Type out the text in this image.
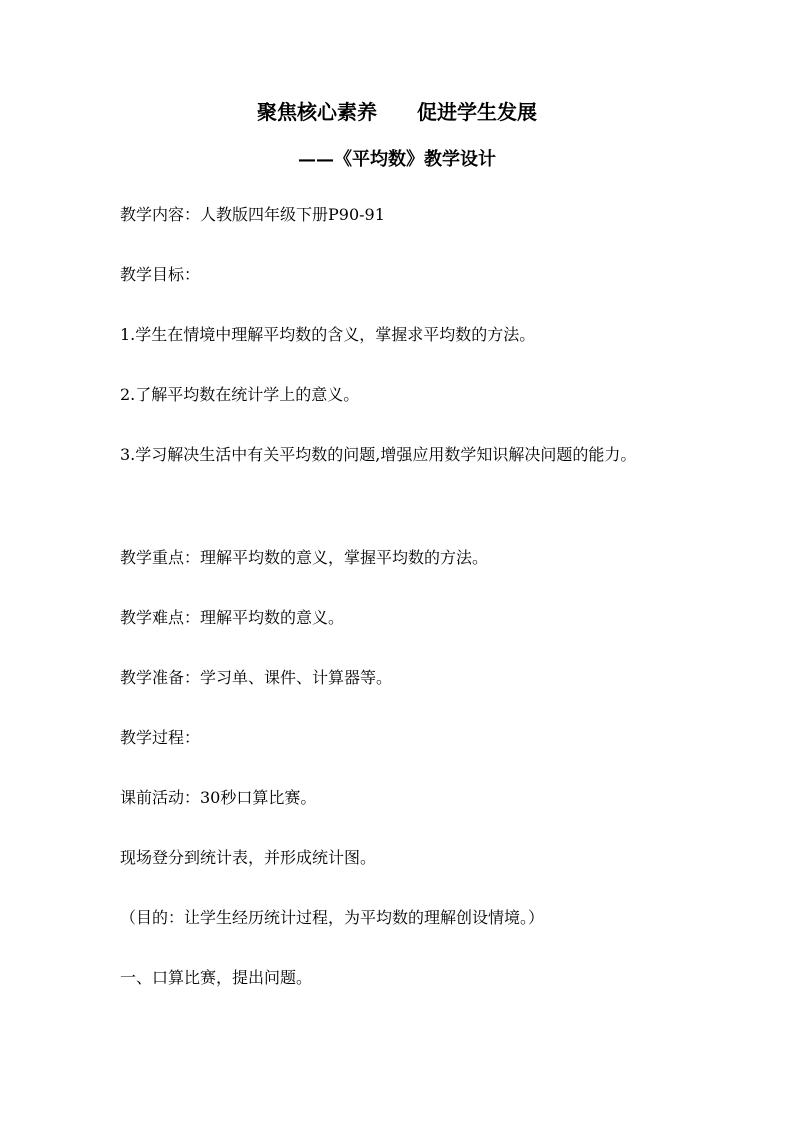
聚焦核心素养　　促进学生发展
——《平均数》教学设计
教学内容：人教版四年级下册P90-91
教学目标：
1.学生在情境中理解平均数的含义，掌握求平均数的方法。
2.了解平均数在统计学上的意义。
3.学习解决生活中有关平均数的问题,增强应用数学知识解决问题的能力。
教学重点：理解平均数的意义，掌握平均数的方法。
教学难点：理解平均数的意义。
教学准备：学习单、课件、计算器等。
教学过程：
课前活动：30秒口算比赛。
现场登分到统计表，并形成统计图。
（目的：让学生经历统计过程，为平均数的理解创设情境。）
一、口算比赛，提出问题。
